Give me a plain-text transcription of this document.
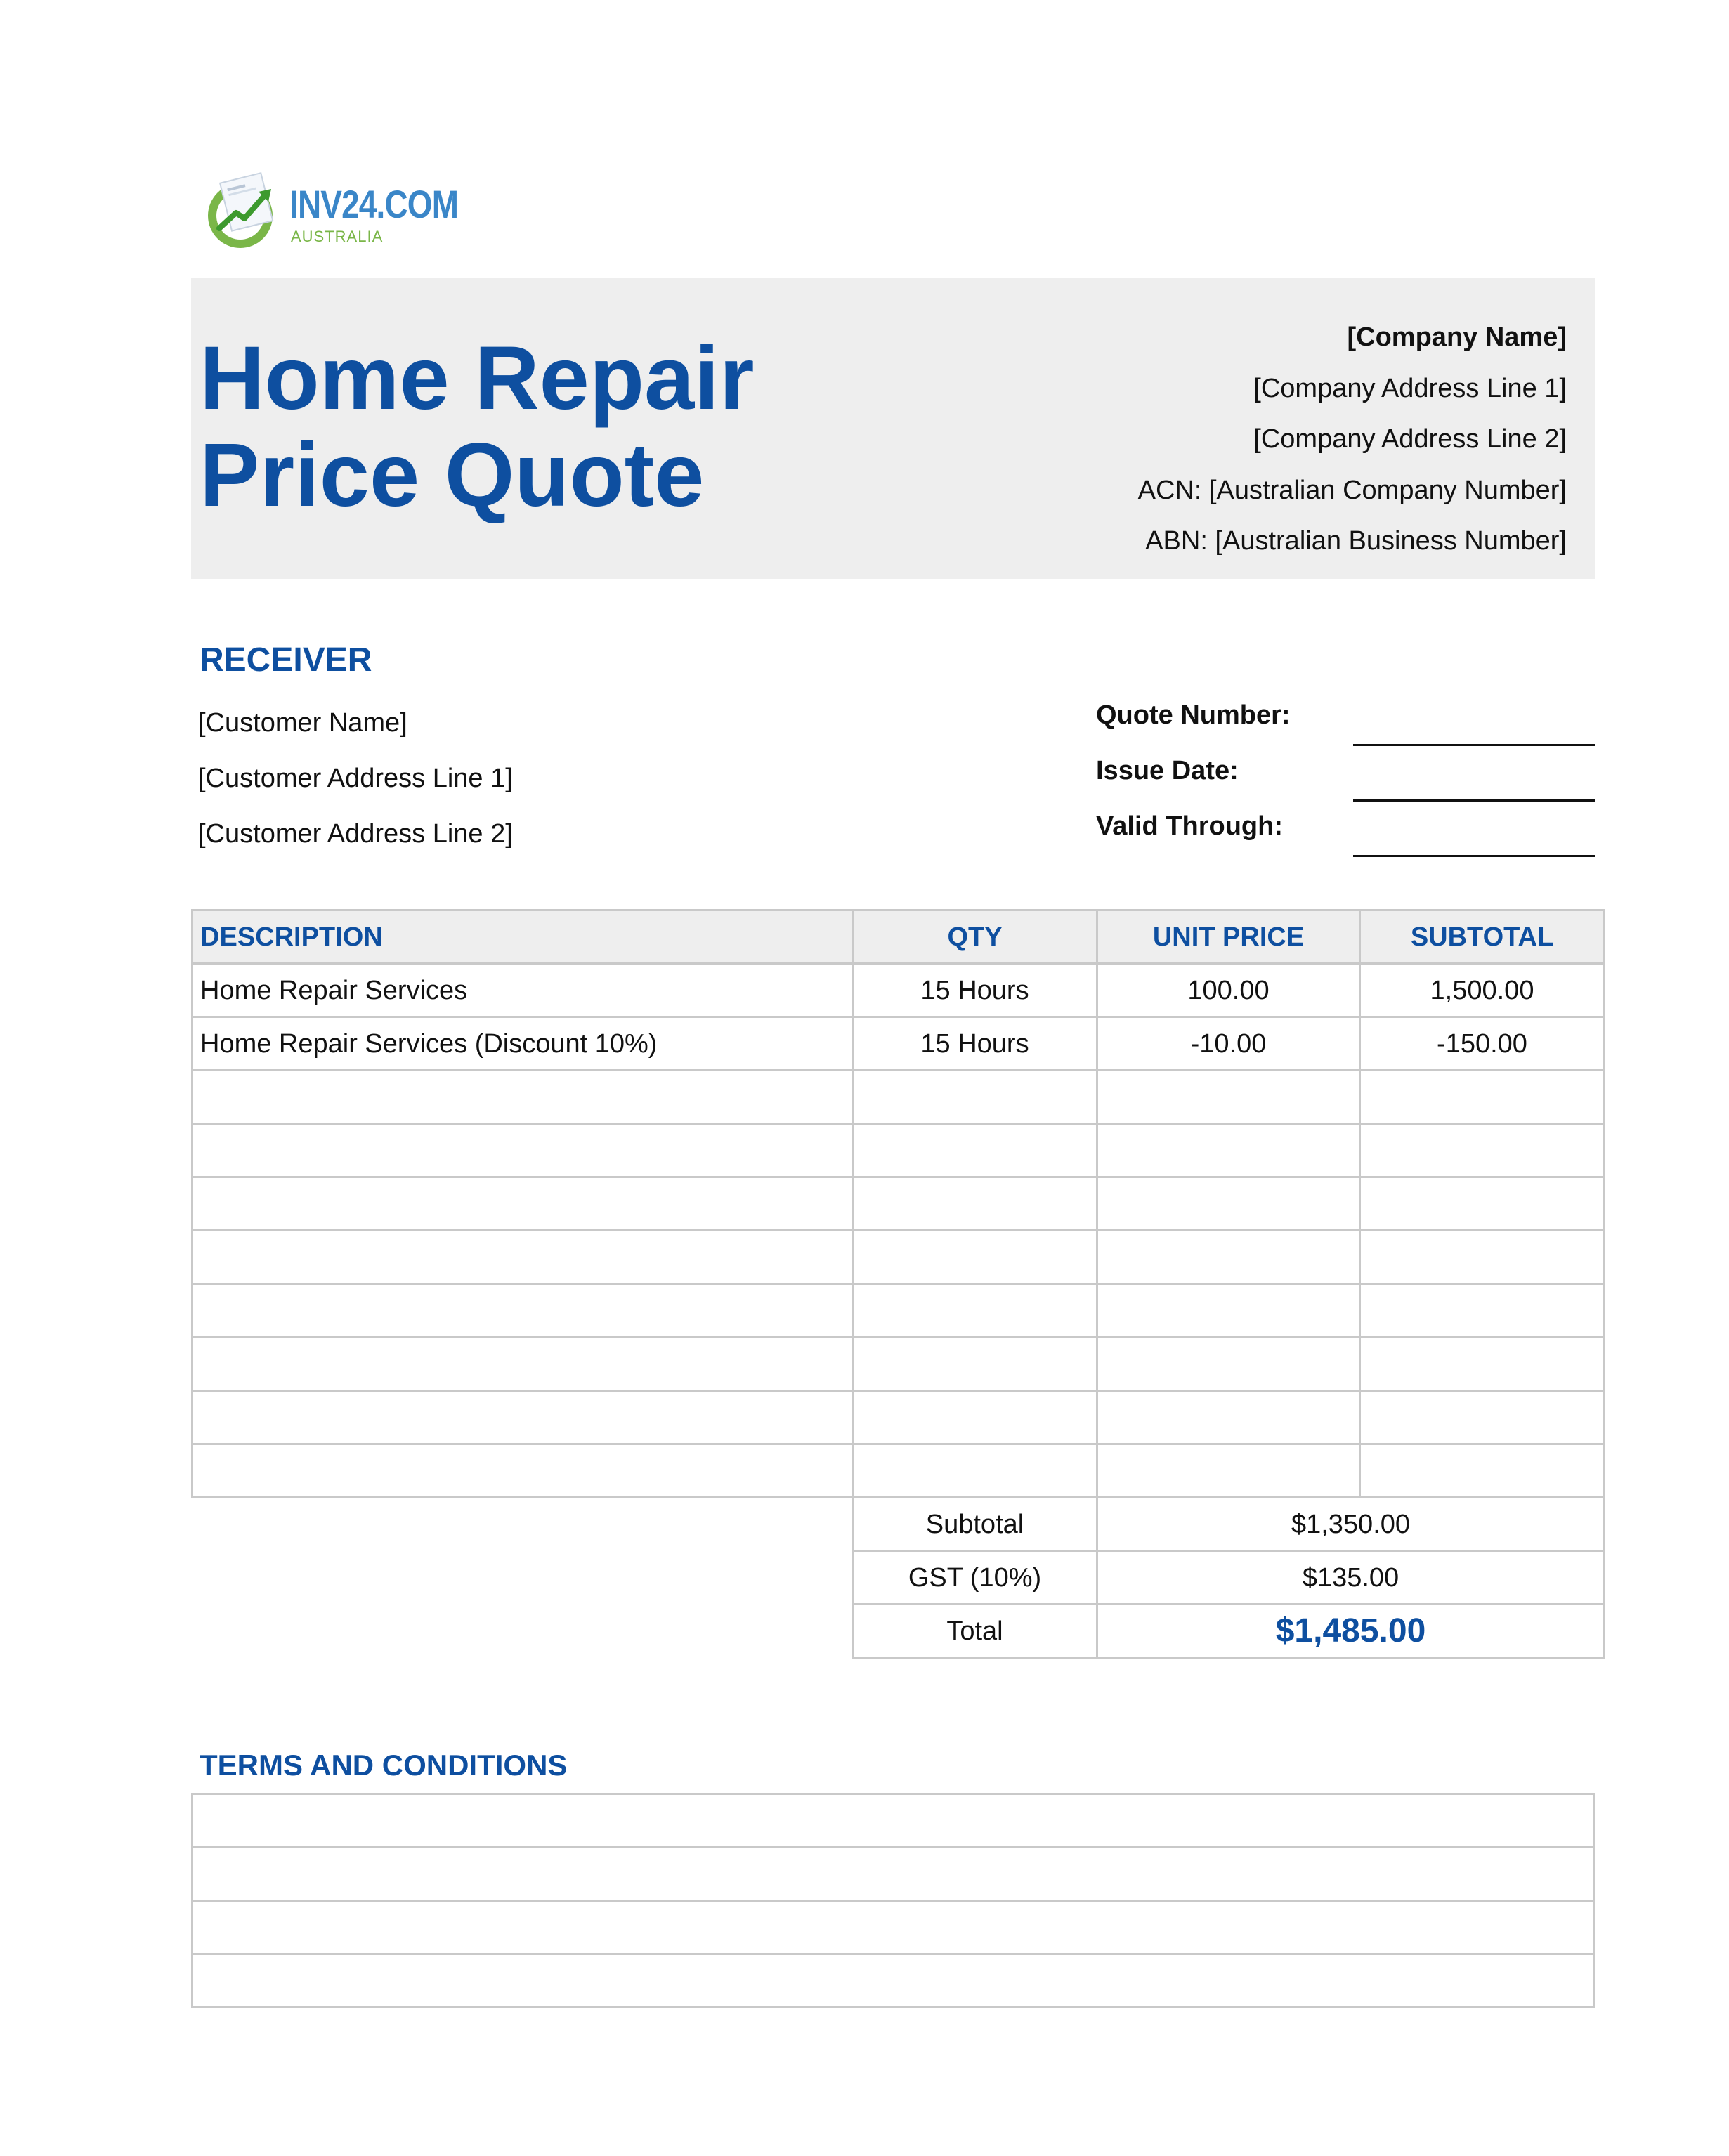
INV24.COM
AUSTRALIA
Home Repair
Price Quote
[Company Name]
[Company Address Line 1]
[Company Address Line 2]
ACN: [Australian Company Number]
ABN: [Australian Business Number]
RECEIVER
[Customer Name]
[Customer Address Line 1]
[Customer Address Line 2]
Quote Number:
Issue Date:
Valid Through:
DESCRIPTION	QTY	UNIT PRICE	SUBTOTAL
Home Repair Services	15 Hours	100.00	1,500.00
Home Repair Services (Discount 10%)	15 Hours	-10.00	-150.00

	Subtotal	$1,350.00	
	GST (10%)	$135.00	
	Total	$1,485.00	
TERMS AND CONDITIONS
